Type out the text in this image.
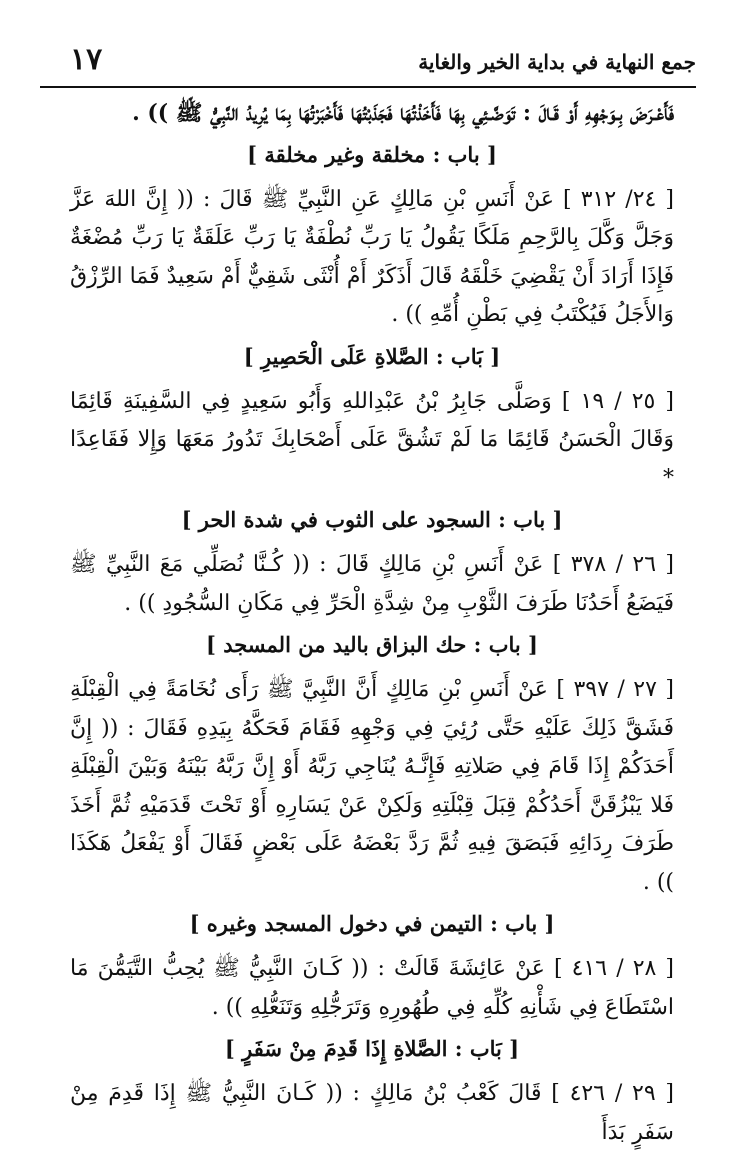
١٧	جمع النهاية في بداية الخير والغاية

فَأَعْـرَضَ بِـوَجْهِهِ أَوْ قَـالَ : تَوَضَّـئِي بِهَا فَأَخَذْتُهَا فَجَذَبْتُهَا فَأَخْبَرْتُهَا بِمَا يُرِيدُ النَّبِيُّ ﷺ )) .

[ باب : مخلقة وغير مخلقة ]

[ ٢٤/ ٣١٢ ] عَنْ أَنَسِ بْنِ مَالِكٍ عَنِ النَّبِيِّ ﷺ قَالَ : (( إِنَّ اللهَ عَزَّ وَجَلَّ وَكَّلَ بِالرَّحِمِ مَلَكًا يَقُولُ يَا رَبِّ نُطْفَةٌ يَا رَبِّ عَلَقَةٌ يَا رَبِّ مُضْغَةٌ فَإِذَا أَرَادَ أَنْ يَقْضِيَ خَلْقَهُ قَالَ أَذَكَرٌ أَمْ أُنْثَى شَقِيٌّ أَمْ سَعِيدٌ فَمَا الرِّزْقُ وَالأَجَلُ فَيُكْتَبُ فِي بَطْنِ أُمِّهِ )) .

[ بَاب : الصَّلاةِ عَلَى الْحَصِيرِ ]

[ ٢٥ / ١٩ ] وَصَلَّى جَابِرُ بْنُ عَبْدِاللهِ وَأَبُو سَعِيدٍ فِي السَّفِينَةِ قَائِمًا وَقَالَ الْحَسَنُ قَائِمًا مَا لَمْ تَشُقَّ عَلَى أَصْحَابِكَ تَدُورُ مَعَهَا وَإِلا فَقَاعِدًا *

[ باب : السجود على الثوب في شدة الحر ]

[ ٢٦ / ٣٧٨ ] عَنْ أَنَسِ بْنِ مَالِكٍ قَالَ : (( كُـنَّا نُصَلِّي مَعَ النَّبِيِّ ﷺ فَيَضَعُ أَحَدُنَا طَرَفَ الثَّوْبِ مِنْ شِدَّةِ الْحَرِّ فِي مَكَانِ السُّجُودِ )) .

[ باب : حك البزاق باليد من المسجد ]

[ ٢٧ / ٣٩٧ ] عَنْ أَنَسِ بْنِ مَالِكٍ أَنَّ النَّبِيَّ ﷺ رَأَى نُخَامَةً فِي الْقِبْلَةِ فَشَقَّ ذَلِكَ عَلَيْهِ حَتَّى رُئِيَ فِي وَجْهِهِ فَقَامَ فَحَكَّهُ بِيَدِهِ فَقَالَ : (( إِنَّ أَحَدَكُمْ إِذَا قَامَ فِي صَلاتِهِ فَإِنَّـهُ يُنَاجِي رَبَّهُ أَوْ إِنَّ رَبَّهُ بَيْنَهُ وَبَيْنَ الْقِبْلَةِ فَلا يَبْزُقَنَّ أَحَدُكُمْ قِبَلَ قِبْلَتِهِ وَلَكِنْ عَنْ يَسَارِهِ أَوْ تَحْتَ قَدَمَيْهِ ثُمَّ أَخَذَ طَرَفَ رِدَائِهِ فَبَصَقَ فِيهِ ثُمَّ رَدَّ بَعْضَهُ عَلَى بَعْضٍ فَقَالَ أَوْ يَفْعَلُ هَكَذَا )) .

[ باب : التيمن في دخول المسجد وغيره ]

[ ٢٨ / ٤١٦ ] عَنْ عَائِشَةَ قَالَتْ : (( كَـانَ النَّبِيُّ ﷺ يُحِبُّ التَّيَمُّنَ مَا اسْتَطَاعَ فِي شَأْنِهِ كُلِّهِ فِي طُهُورِهِ وَتَرَجُّلِهِ وَتَنَعُّلِهِ )) .

[ بَاب : الصَّلاةِ إِذَا قَدِمَ مِنْ سَفَرٍ ]

[ ٢٩ / ٤٢٦ ] قَالَ كَعْبُ بْنُ مَالِكٍ : (( كَـانَ النَّبِيُّ ﷺ إِذَا قَدِمَ مِنْ سَفَرٍ بَدَأَ
